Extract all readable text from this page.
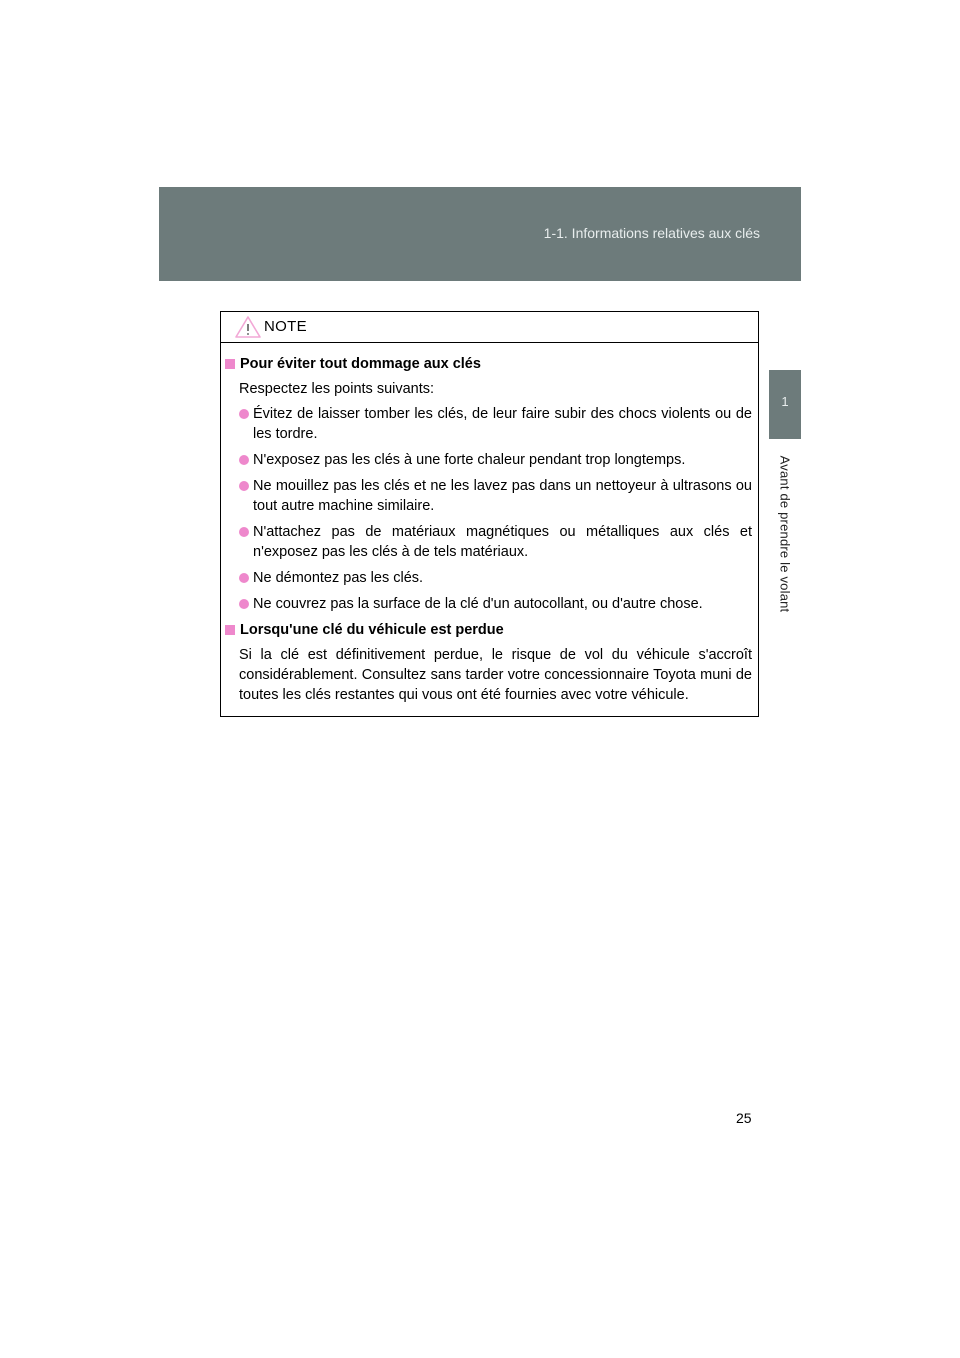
1-1. Informations relatives aux clés
1
Avant de prendre le volant
NOTE
Pour éviter tout dommage aux clés
Respectez les points suivants:
Évitez de laisser tomber les clés, de leur faire subir des chocs violents ou de les tordre.
N'exposez pas les clés à une forte chaleur pendant trop longtemps.
Ne mouillez pas les clés et ne les lavez pas dans un nettoyeur à ultrasons ou tout autre machine similaire.
N'attachez pas de matériaux magnétiques ou métalliques aux clés et n'exposez pas les clés à de tels matériaux.
Ne démontez pas les clés.
Ne couvrez pas la surface de la clé d'un autocollant, ou d'autre chose.
Lorsqu'une clé du véhicule est perdue
Si la clé est définitivement perdue, le risque de vol du véhicule s'accroît considérablement. Consultez sans tarder votre concessionnaire Toyota muni de toutes les clés restantes qui vous ont été fournies avec votre véhicule.
25
